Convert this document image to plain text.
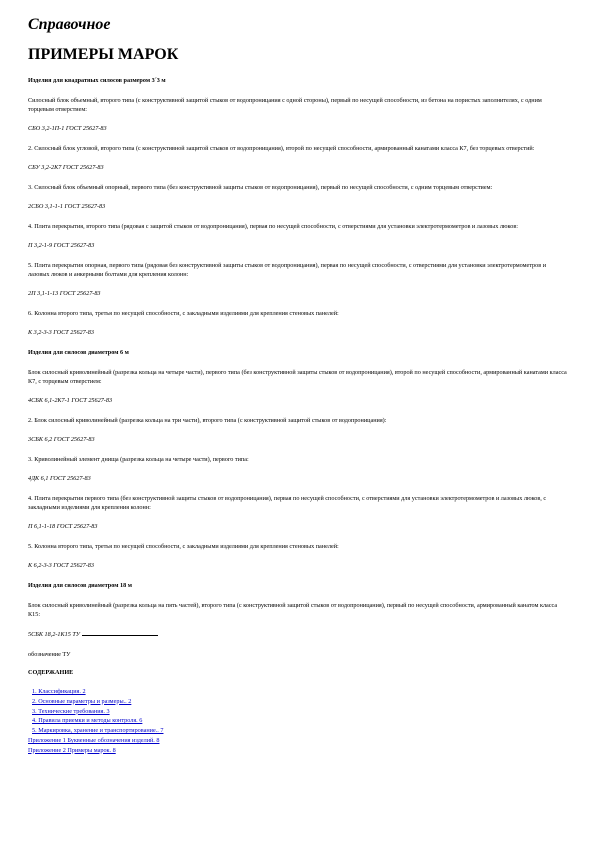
Справочное
ПРИМЕРЫ МАРОК
Изделия для квадратных силосов размером 3´3 м
Силосный блок объемный, второго типа (с конструктивной защитой стыков от водопроницания с одной стороны), первый по несущей способности, из бетона на пористых заполнителях, с одним торцевым отверстием:
СБО 3,2-1П-1 ГОСТ 25627-83
2. Силосный блок угловой, второго типа (с конструктивной защитой стыков от водопроницания), второй по несущей способности, армированный канатами класса К7, без торцевых отверстий:
СБУ 3,2-2К7 ГОСТ 25627-83
3. Силосный блок объемный опорный, первого типа (без конструктивной защиты стыков от водопроницания), первый по несущей способности, с одним торцевым отверстием:
2СБО 3,1-1-1 ГОСТ 25627-83
4. Плита перекрытия, второго типа (рядовая с защитой стыков от водопроницания), первая по несущей способности, с отверстиями для установки электротермометров и лазовых люков:
П 3,2-1-9 ГОСТ 25627-83
5. Плита перекрытия опорная, первого типа (рядовая без конструктивной защиты стыков от водопроницания), первая по несущей способности, с отверстиями для установки электротермометров и лазовых люков и анкерными болтами для крепления колонн:
2П 3,1-1-13 ГОСТ 25627-83
6. Колонна второго типа, третья по несущей способности, с закладными изделиями для крепления стеновых панелей:
К 3,2-3-3 ГОСТ 25627-83
Изделия для силосов диаметром 6 м
Блок силосный криволинейный (разрезка кольца на четыре части), первого типа (без конструктивной защиты стыков от водопроницания), второй по несущей способности, армированный канатами класса К7, с торцевым отверстием:
4СБК 6,1-2К7-1 ГОСТ 25627-83
2. Блок силосный криволинейный (разрезка кольца на три части), второго типа (с конструктивной защитой стыков от водопроницания):
3СБК 6,2 ГОСТ 25627-83
3. Криволинейный элемент днища (разрезка кольца на четыре части), первого типа:
4ДК 6,1 ГОСТ 25627-83
4. Плита перекрытия первого типа (без конструктивной защиты стыков от водопроницания), первая по несущей способности, с отверстиями для установки электротермометров и лазовых люков, с закладными изделиями для крепления колонн:
П 6,1-1-18 ГОСТ 25627-83
5. Колонна второго типа, третья по несущей способности, с закладными изделиями для крепления стеновых панелей:
К 6,2-3-3 ГОСТ 25627-83
Изделия для силосов диаметром 18 м
Блок силосный криволинейный (разрезка кольца на пять частей), второго типа (с конструктивной защитой стыков от водопроницания), первый по несущей способности, армированный канатом класса К15:
5СБК 18,2-1К15 ТУ
обозначение ТУ
СОДЕРЖАНИЕ
1. Классификация. 2
2. Основные параметры и размеры.. 2
3. Технические требования. 3
4. Правила приемки и методы контроля. 6
5. Маркировка, хранение и транспортирование.. 7
Приложение 1 Буквенные обозначения изделий. 8
Приложение 2 Примеры марок. 8
